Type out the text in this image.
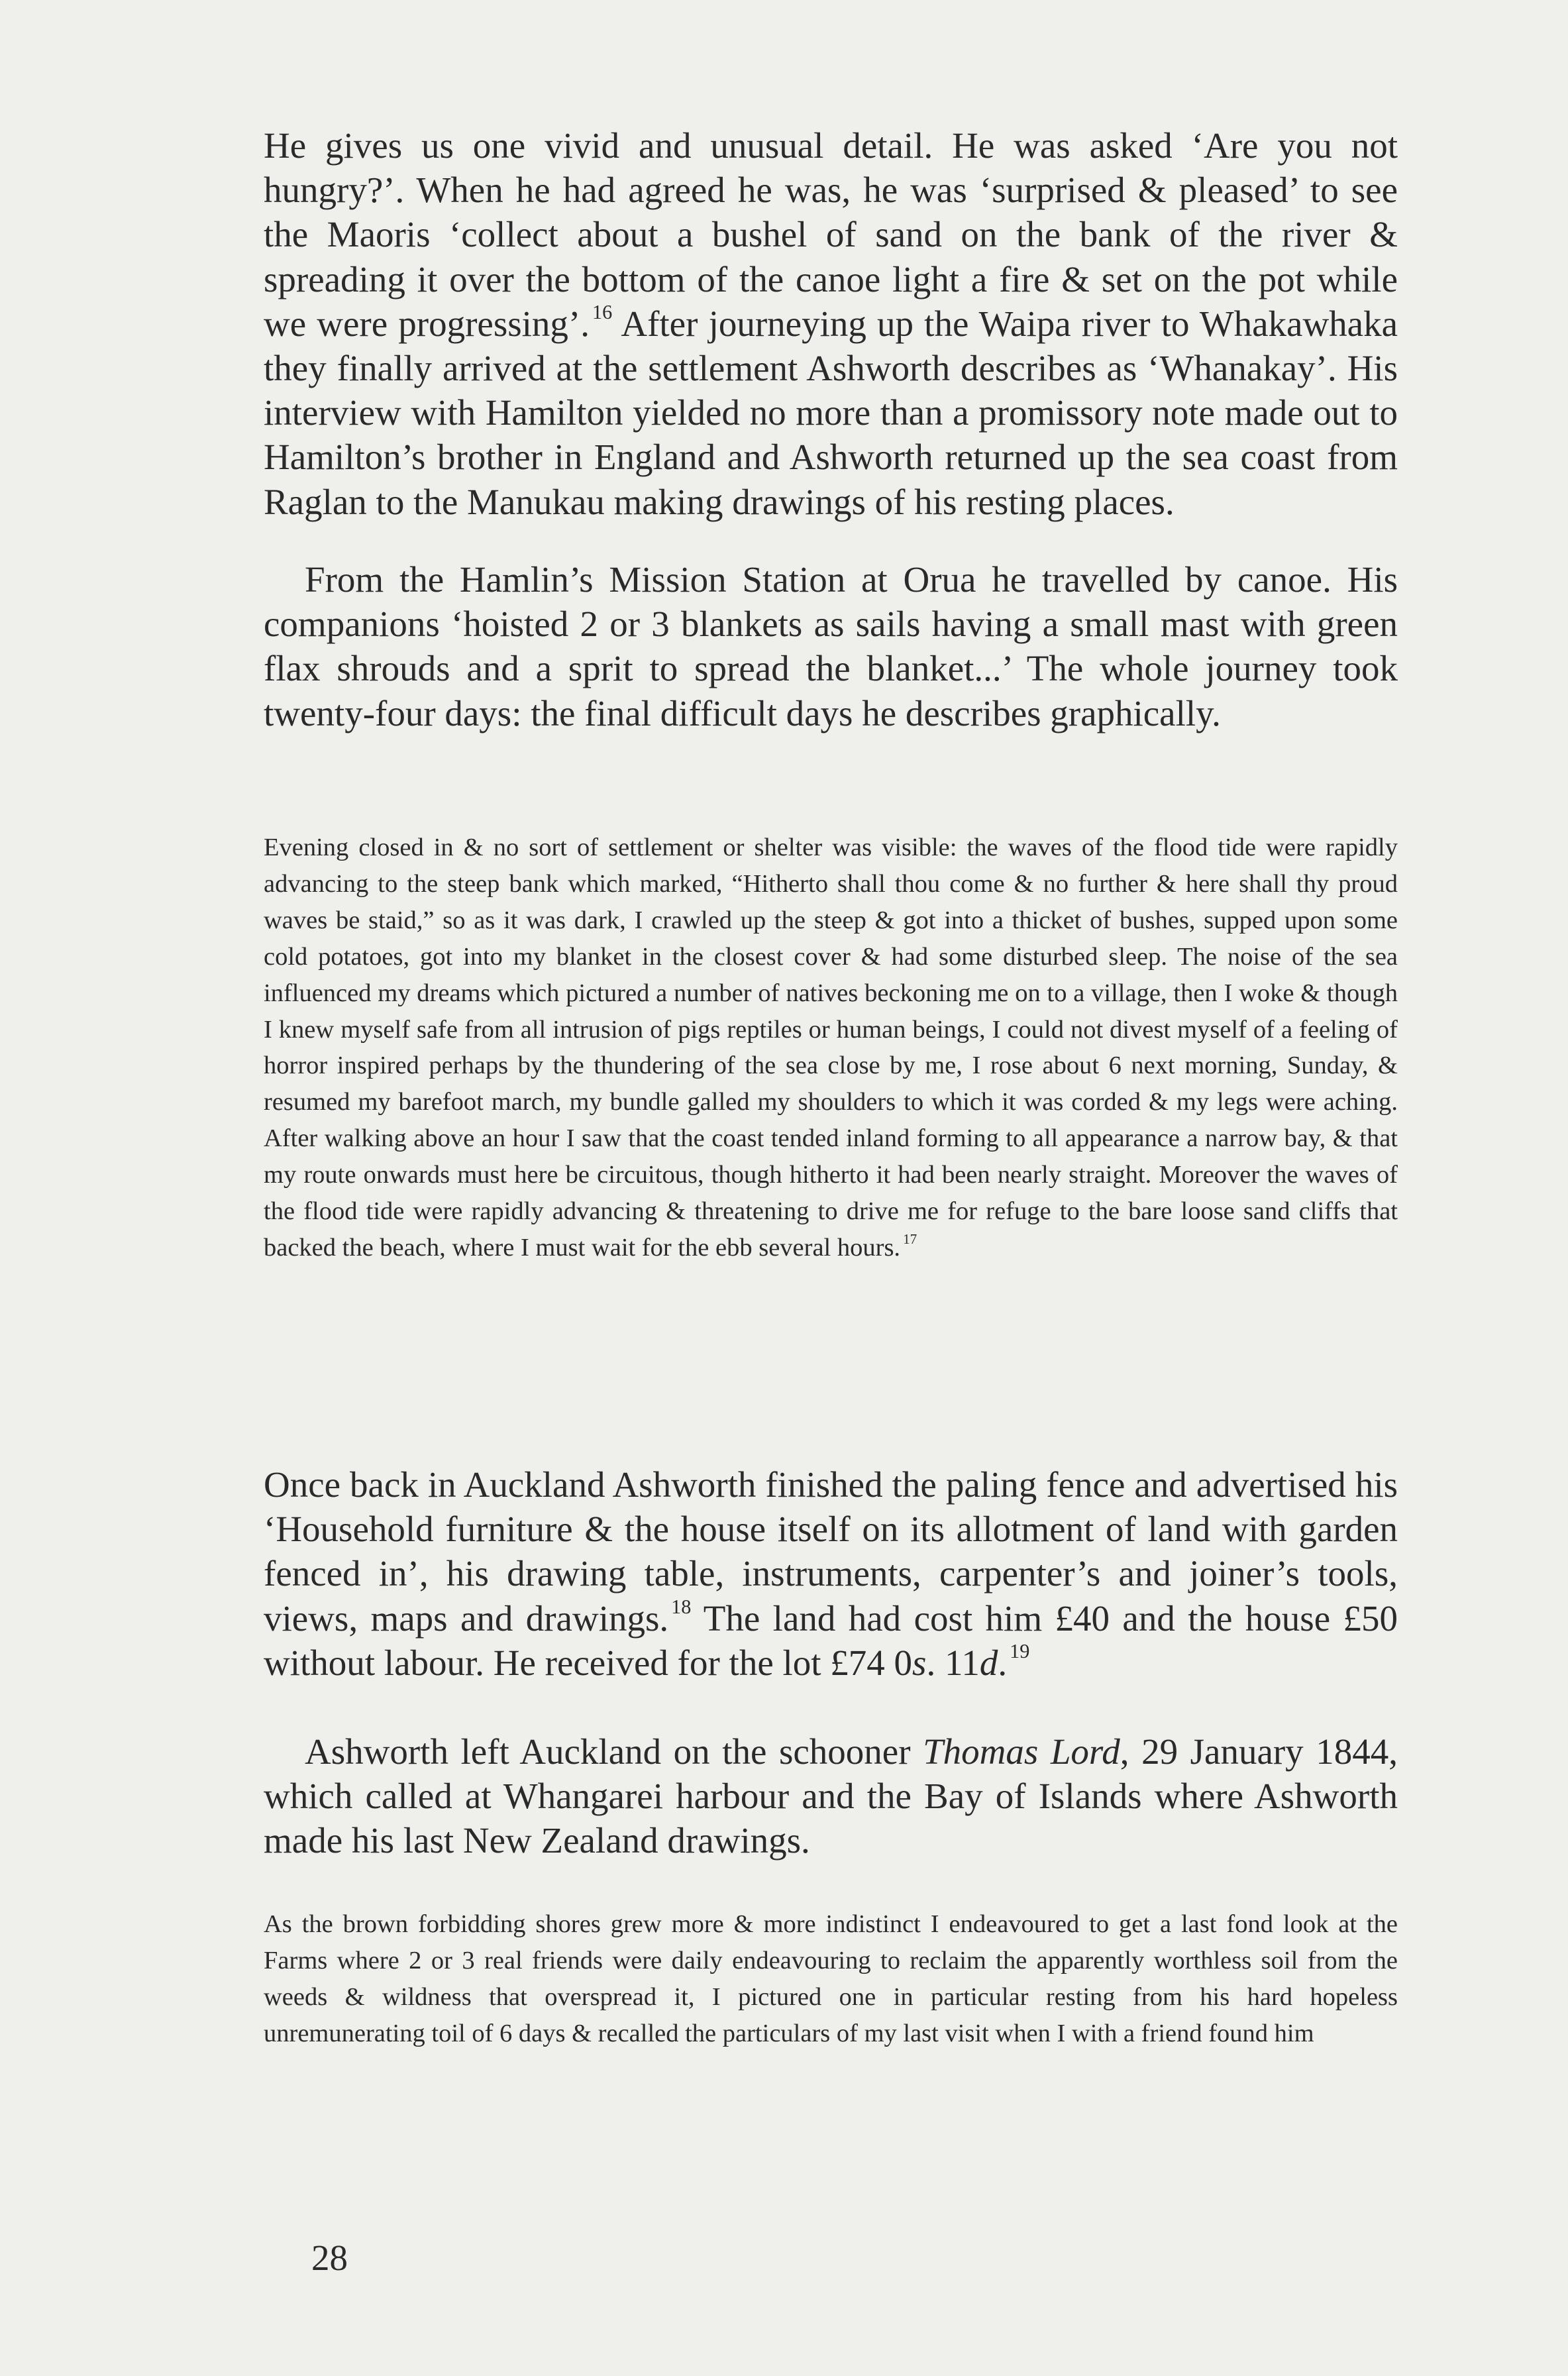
He gives us one vivid and unusual detail. He was asked ‘Are you not hungry?’. When he had agreed he was, he was ‘surprised & pleased’ to see the Maoris ‘collect about a bushel of sand on the bank of the river & spreading it over the bottom of the canoe light a fire & set on the pot while we were progressing’. $^{16}$ After journeying up the Waipa river to Whakawhaka they finally arrived at the settlement Ashworth describes as ‘Whanakay’. His interview with Hamilton yielded no more than a promissory note made out to Hamilton’s brother in England and Ashworth returned up the sea coast from Raglan to the Manukau making drawings of his resting places.

From the Hamlin’s Mission Station at Orua he travelled by canoe. His companions ‘hoisted 2 or 3 blankets as sails having a small mast with green flax shrouds and a sprit to spread the blanket...’ The whole journey took twenty-four days: the final difficult days he describes graphically.

Evening closed in & no sort of settlement or shelter was visible: the waves of the flood tide were rapidly advancing to the steep bank which marked, “Hitherto shall thou come & no further & here shall thy proud waves be staid,” so as it was dark, I crawled up the steep & got into a thicket of bushes, supped upon some cold potatoes, got into my blanket in the closest cover & had some disturbed sleep. The noise of the sea influenced my dreams which pictured a number of natives beckoning me on to a village, then I woke & though I knew myself safe from all intrusion of pigs reptiles or human beings, I could not divest myself of a feeling of horror inspired perhaps by the thundering of the sea close by me, I rose about 6 next morning, Sunday, & resumed my barefoot march, my bundle galled my shoulders to which it was corded & my legs were aching. After walking above an hour I saw that the coast tended inland forming to all appearance a narrow bay, & that my route onwards must here be circuitous, though hitherto it had been nearly straight. Moreover the waves of the flood tide were rapidly advancing & threatening to drive me for refuge to the bare loose sand cliffs that backed the beach, where I must wait for the ebb several hours. $^{17}$

Once back in Auckland Ashworth finished the paling fence and advertised his ‘Household furniture & the house itself on its allotment of land with garden fenced in’, his drawing table, instruments, carpenter’s and joiner’s tools, views, maps and drawings. $^{18}$ The land had cost him £40 and the house £50 without labour. He received for the lot £74 0s. 11d. $^{19}$

Ashworth left Auckland on the schooner Thomas Lord, 29 January 1844, which called at Whangarei harbour and the Bay of Islands where Ashworth made his last New Zealand drawings.

As the brown forbidding shores grew more & more indistinct I endeavoured to get a last fond look at the Farms where 2 or 3 real friends were daily endeavouring to reclaim the apparently worthless soil from the weeds & wildness that overspread it, I pictured one in particular resting from his hard hopeless unremunerating toil of 6 days & recalled the particulars of my last visit when I with a friend found him

28
